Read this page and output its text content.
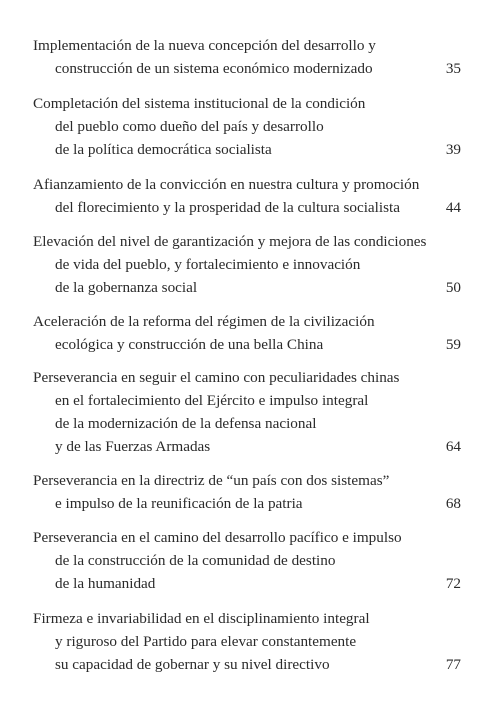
Implementación de la nueva concepción del desarrollo y
construcción de un sistema económico modernizado	35
Completación del sistema institucional de la condición
del pueblo como dueño del país y desarrollo
de la política democrática socialista	39
Afianzamiento de la convicción en nuestra cultura y promoción
del florecimiento y la prosperidad de la cultura socialista	44
Elevación del nivel de garantización y mejora de las condiciones
de vida del pueblo, y fortalecimiento e innovación
de la gobernanza social	50
Aceleración de la reforma del régimen de la civilización
ecológica y construcción de una bella China	59
Perseverancia en seguir el camino con peculiaridades chinas
en el fortalecimiento del Ejército e impulso integral
de la modernización de la defensa nacional
y de las Fuerzas Armadas	64
Perseverancia en la directriz de “un país con dos sistemas”
e impulso de la reunificación de la patria	68
Perseverancia en el camino del desarrollo pacífico e impulso
de la construcción de la comunidad de destino
de la humanidad	72
Firmeza e invariabilidad en el disciplinamiento integral
y riguroso del Partido para elevar constantemente
su capacidad de gobernar y su nivel directivo	77
